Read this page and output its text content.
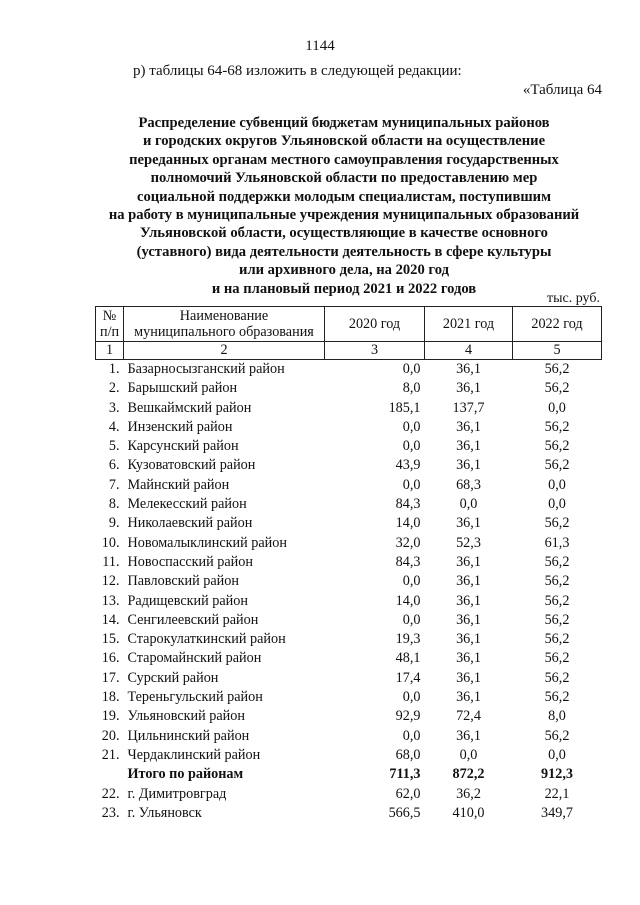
1144
р) таблицы 64-68 изложить в следующей редакции:
«Таблица 64
Распределение субвенций бюджетам муниципальных районов
и городских округов Ульяновской области на осуществление
переданных органам местного самоуправления государственных
полномочий Ульяновской области по предоставлению мер
социальной поддержки молодым специалистам, поступившим
на работу в муниципальные учреждения муниципальных образований
Ульяновской области, осуществляющие в качестве основного
(уставного) вида деятельности деятельность в сфере культуры
или архивного дела, на 2020 год
и на плановый период 2021 и 2022 годов
тыс. руб.
№
п/п	Наименование
муниципального образования	2020 год	2021 год	2022 год
1	2	3	4	5
1.	Базарносызганский район	0,0	36,1	56,2
2.	Барышский район	8,0	36,1	56,2
3.	Вешкаймский район	185,1	137,7	0,0
4.	Инзенский район	0,0	36,1	56,2
5.	Карсунский район	0,0	36,1	56,2
6.	Кузоватовский район	43,9	36,1	56,2
7.	Майнский район	0,0	68,3	0,0
8.	Мелекесский район	84,3	0,0	0,0
9.	Николаевский район	14,0	36,1	56,2
10.	Новомалыклинский район	32,0	52,3	61,3
11.	Новоспасский район	84,3	36,1	56,2
12.	Павловский район	0,0	36,1	56,2
13.	Радищевский район	14,0	36,1	56,2
14.	Сенгилеевский район	0,0	36,1	56,2
15.	Старокулаткинский район	19,3	36,1	56,2
16.	Старомайнский район	48,1	36,1	56,2
17.	Сурский район	17,4	36,1	56,2
18.	Тереньгульский район	0,0	36,1	56,2
19.	Ульяновский район	92,9	72,4	8,0
20.	Цильнинский район	0,0	36,1	56,2
21.	Чердаклинский район	68,0	0,0	0,0
	Итого по районам	711,3	872,2	912,3
22.	г. Димитровград	62,0	36,2	22,1
23.	г. Ульяновск	566,5	410,0	349,7
